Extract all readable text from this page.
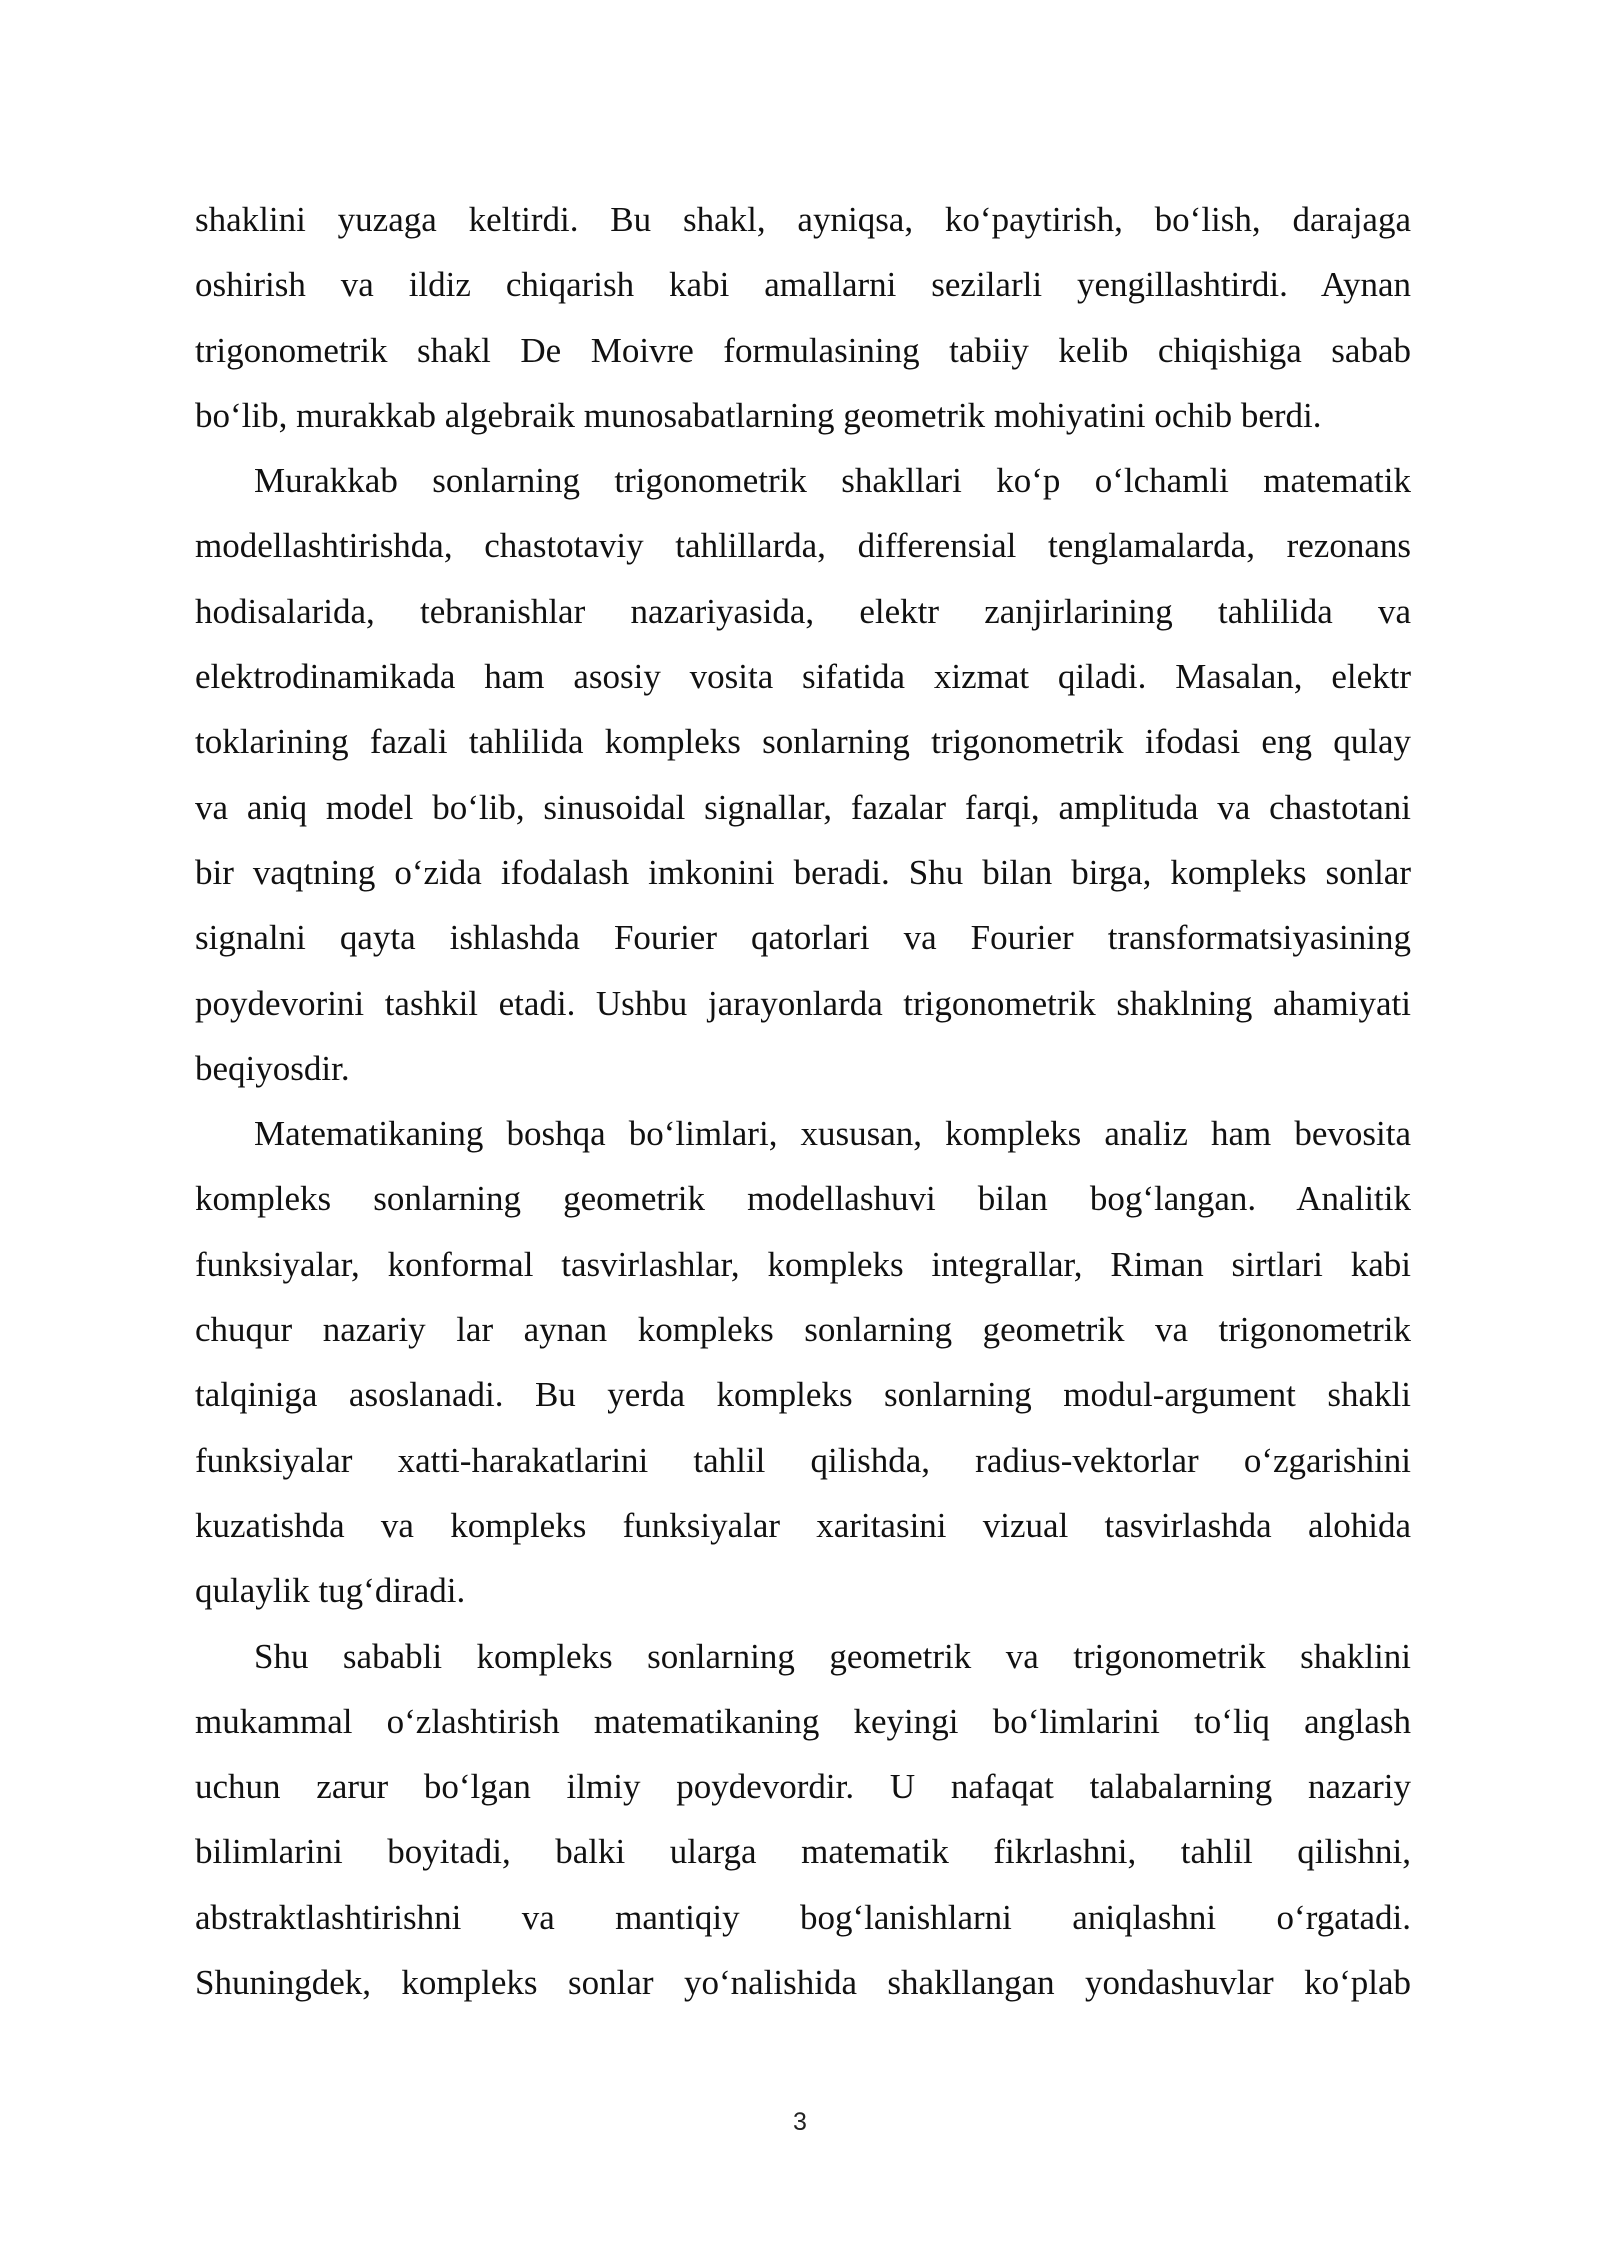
shaklini yuzaga keltirdi. Bu shakl, ayniqsa, ko‘paytirish, bo‘lish, darajaga
oshirish va ildiz chiqarish kabi amallarni sezilarli yengillashtirdi. Aynan
trigonometrik shakl De Moivre formulasining tabiiy kelib chiqishiga sabab
bo‘lib, murakkab algebraik munosabatlarning geometrik mohiyatini ochib berdi.
Murakkab sonlarning trigonometrik shakllari ko‘p o‘lchamli matematik
modellashtirishda, chastotaviy tahlillarda, differensial tenglamalarda, rezonans
hodisalarida, tebranishlar nazariyasida, elektr zanjirlarining tahlilida va
elektrodinamikada ham asosiy vosita sifatida xizmat qiladi. Masalan, elektr
toklarining fazali tahlilida kompleks sonlarning trigonometrik ifodasi eng qulay
va aniq model bo‘lib, sinusoidal signallar, fazalar farqi, amplituda va chastotani
bir vaqtning o‘zida ifodalash imkonini beradi. Shu bilan birga, kompleks sonlar
signalni qayta ishlashda Fourier qatorlari va Fourier transformatsiyasining
poydevorini tashkil etadi. Ushbu jarayonlarda trigonometrik shaklning ahamiyati
beqiyosdir.
Matematikaning boshqa bo‘limlari, xususan, kompleks analiz ham bevosita
kompleks sonlarning geometrik modellashuvi bilan bog‘langan. Analitik
funksiyalar, konformal tasvirlashlar, kompleks integrallar, Riman sirtlari kabi
chuqur nazariy lar aynan kompleks sonlarning geometrik va trigonometrik
talqiniga asoslanadi. Bu yerda kompleks sonlarning modul-argument shakli
funksiyalar xatti-harakatlarini tahlil qilishda, radius-vektorlar o‘zgarishini
kuzatishda va kompleks funksiyalar xaritasini vizual tasvirlashda alohida
qulaylik tug‘diradi.
Shu sababli kompleks sonlarning geometrik va trigonometrik shaklini
mukammal o‘zlashtirish matematikaning keyingi bo‘limlarini to‘liq anglash
uchun zarur bo‘lgan ilmiy poydevordir. U nafaqat talabalarning nazariy
bilimlarini boyitadi, balki ularga matematik fikrlashni, tahlil qilishni,
abstraktlashtirishni va mantiqiy bog‘lanishlarni aniqlashni o‘rgatadi.
Shuningdek, kompleks sonlar yo‘nalishida shakllangan yondashuvlar ko‘plab
3
